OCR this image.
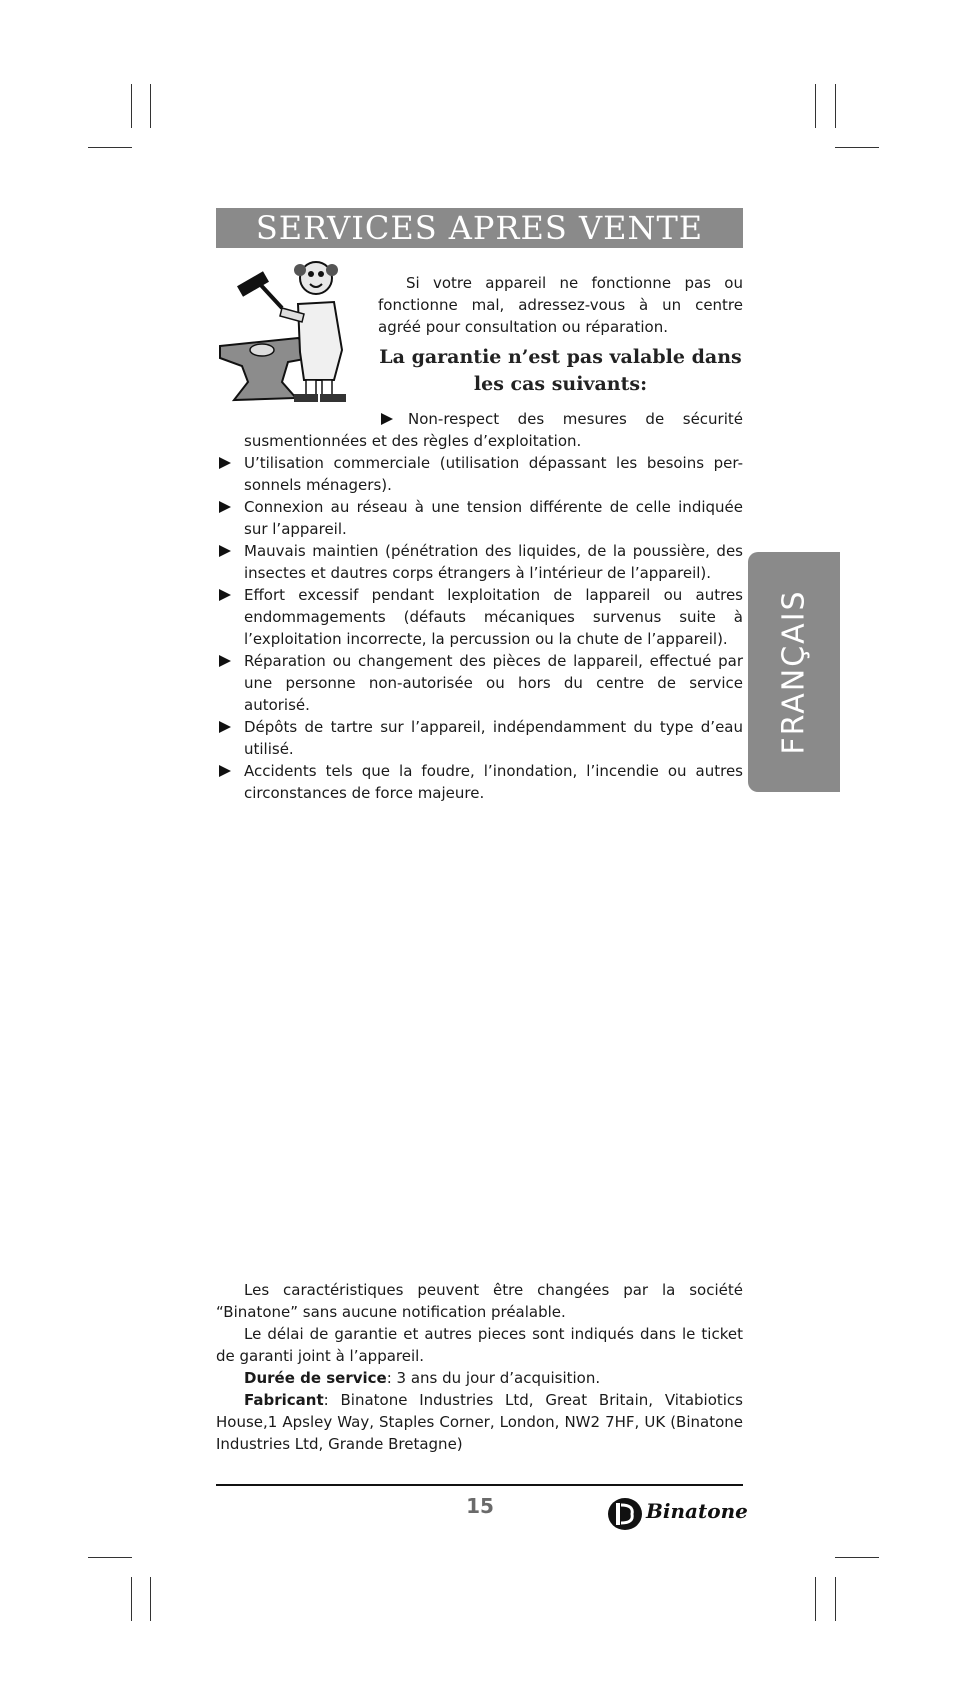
SERVICES APRES VENTE

Si votre appareil ne fonctionne pas ou fonctionne mal, adressez-vous à un centre agréé pour consultation ou réparation.

La garantie n’est pas valable dans
les cas suivants:

Non-respect des mesures de sécurité susmentionnées et des règles d’exploitation.

U’tilisation commerciale (utilisation dépassant les besoins per-sonnels ménagers).

Connexion au réseau à une tension différente de celle indiquée sur l’appareil.

Mauvais maintien (pénétration des liquides, de la poussière, des insectes et dautres corps étrangers à l’intérieur de l’appareil).

Effort excessif pendant lexploitation de lappareil ou autres endommagements (défauts mécaniques survenus suite à l’exploitation incorrecte, la percussion ou la chute de l’appareil).

Réparation ou changement des pièces de lappareil, effectué par une personne non-autorisée ou hors du centre de service autorisé.

Dépôts de tartre sur l’appareil, indépendamment du type d’eau utilisé.

Accidents tels que la foudre, l’inondation, l’incendie ou autres circonstances de force majeure.

FRANÇAIS

Les caractéristiques peuvent être changées par la société “Binatone” sans aucune notification préalable.

Le délai de garantie et autres pieces sont indiqués dans le ticket de garanti joint à l’appareil.

Durée de service: 3 ans du jour d’acquisition.

Fabricant: Binatone Industries Ltd, Great Britain, Vitabiotics House,1 Apsley Way, Staples Corner, London, NW2 7HF, UK (Binatone Industries Ltd, Grande Bretagne)

15	Binatone
